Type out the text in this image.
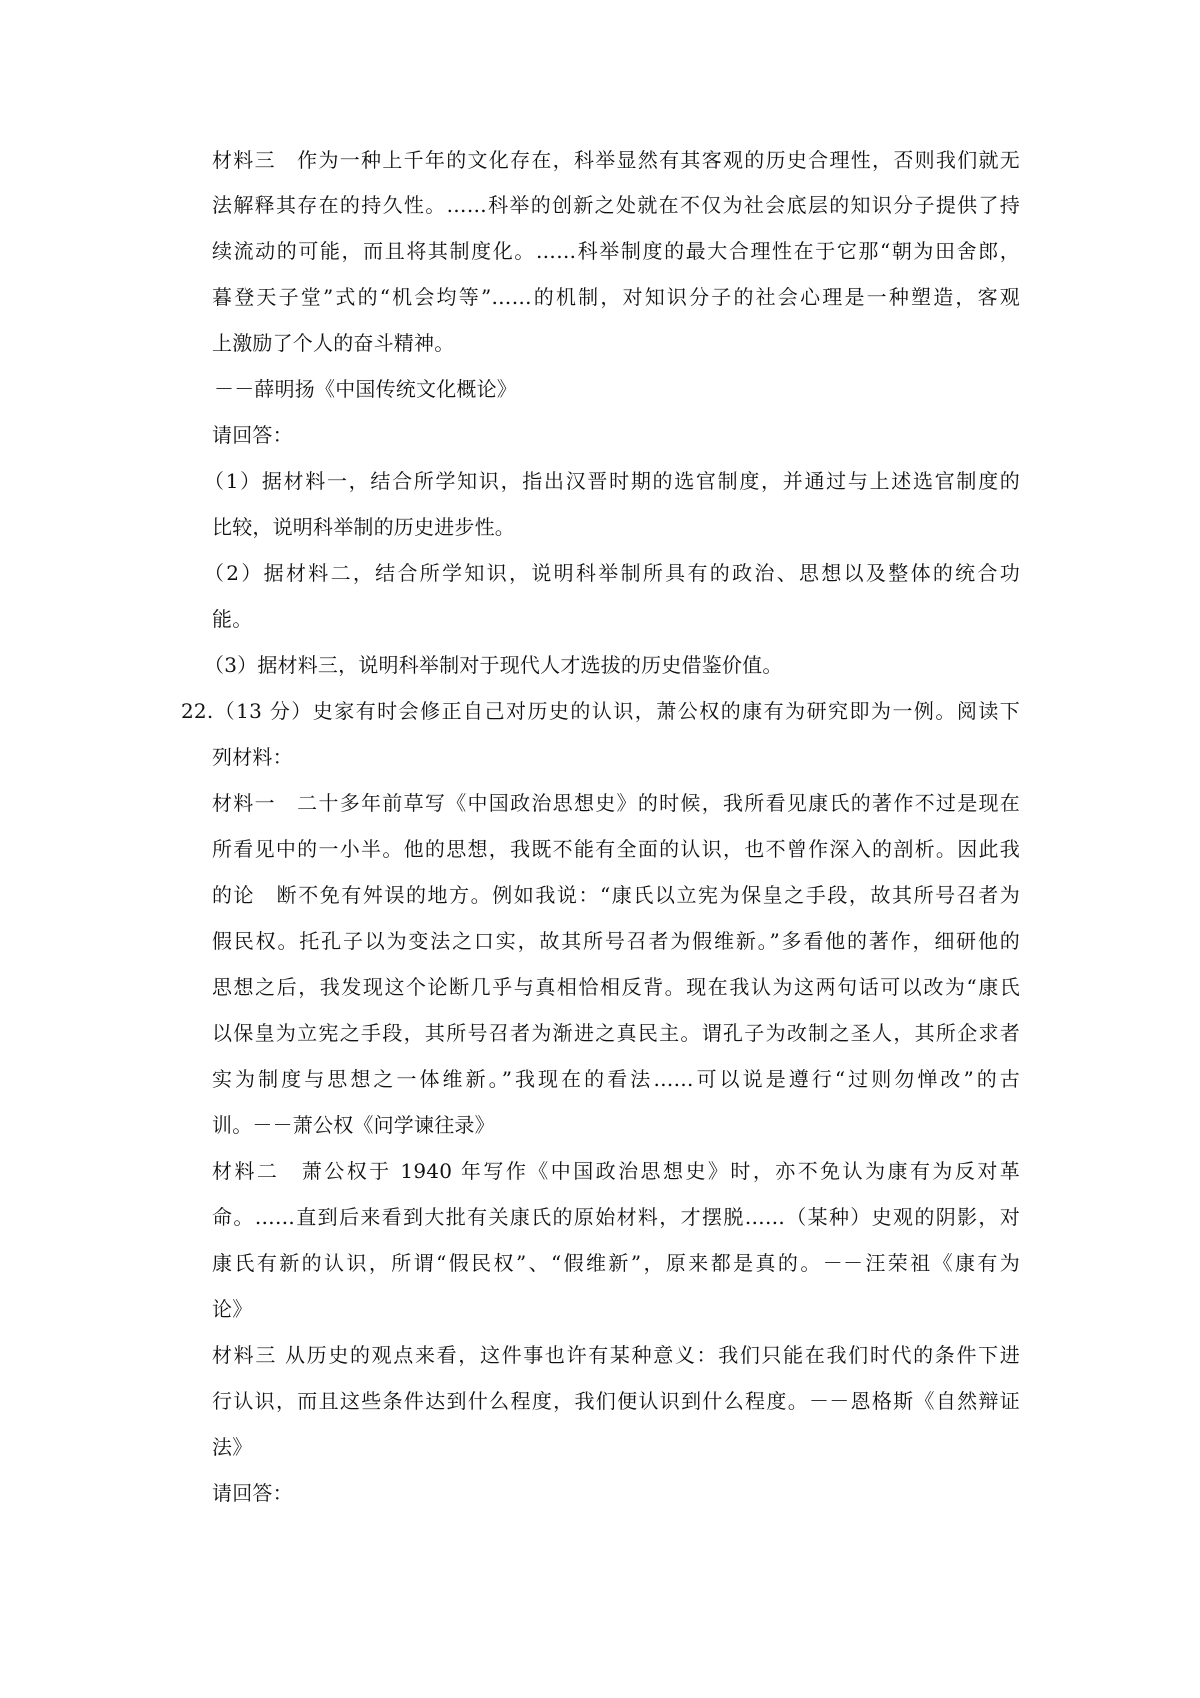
材料三　作为一种上千年的文化存在，科举显然有其客观的历史合理性，否则我们就无
法解释其存在的持久性。……科举的创新之处就在不仅为社会底层的知识分子提供了持
续流动的可能，而且将其制度化。……科举制度的最大合理性在于它那“朝为田舍郎，
暮登天子堂”式的“机会均等”……的机制，对知识分子的社会心理是一种塑造，客观
上激励了个人的奋斗精神。
－－薛明扬《中国传统文化概论》
请回答：
（1）据材料一，结合所学知识，指出汉晋时期的选官制度，并通过与上述选官制度的
比较，说明科举制的历史进步性。
（2）据材料二，结合所学知识，说明科举制所具有的政治、思想以及整体的统合功
能。
（3）据材料三，说明科举制对于现代人才选拔的历史借鉴价值。
22.（13 分）史家有时会修正自己对历史的认识，萧公权的康有为研究即为一例。阅读下
列材料：
材料一　二十多年前草写《中国政治思想史》的时候，我所看见康氏的著作不过是现在
所看见中的一小半。他的思想，我既不能有全面的认识，也不曾作深入的剖析。因此我
的论　断不免有舛误的地方。例如我说：“康氏以立宪为保皇之手段，故其所号召者为
假民权。托孔子以为变法之口实，故其所号召者为假维新。”多看他的著作，细研他的
思想之后，我发现这个论断几乎与真相恰相反背。现在我认为这两句话可以改为“康氏
以保皇为立宪之手段，其所号召者为渐进之真民主。谓孔子为改制之圣人，其所企求者
实为制度与思想之一体维新。”我现在的看法……可以说是遵行“过则勿惮改”的古
训。－－萧公权《问学谏往录》
材料二　萧公权于 1940 年写作《中国政治思想史》时，亦不免认为康有为反对革
命。……直到后来看到大批有关康氏的原始材料，才摆脱……（某种）史观的阴影，对
康氏有新的认识，所谓“假民权”、“假维新”，原来都是真的。－－汪荣祖《康有为
论》
材料三 从历史的观点来看，这件事也许有某种意义：我们只能在我们时代的条件下进
行认识，而且这些条件达到什么程度，我们便认识到什么程度。－－恩格斯《自然辩证
法》
请回答：
